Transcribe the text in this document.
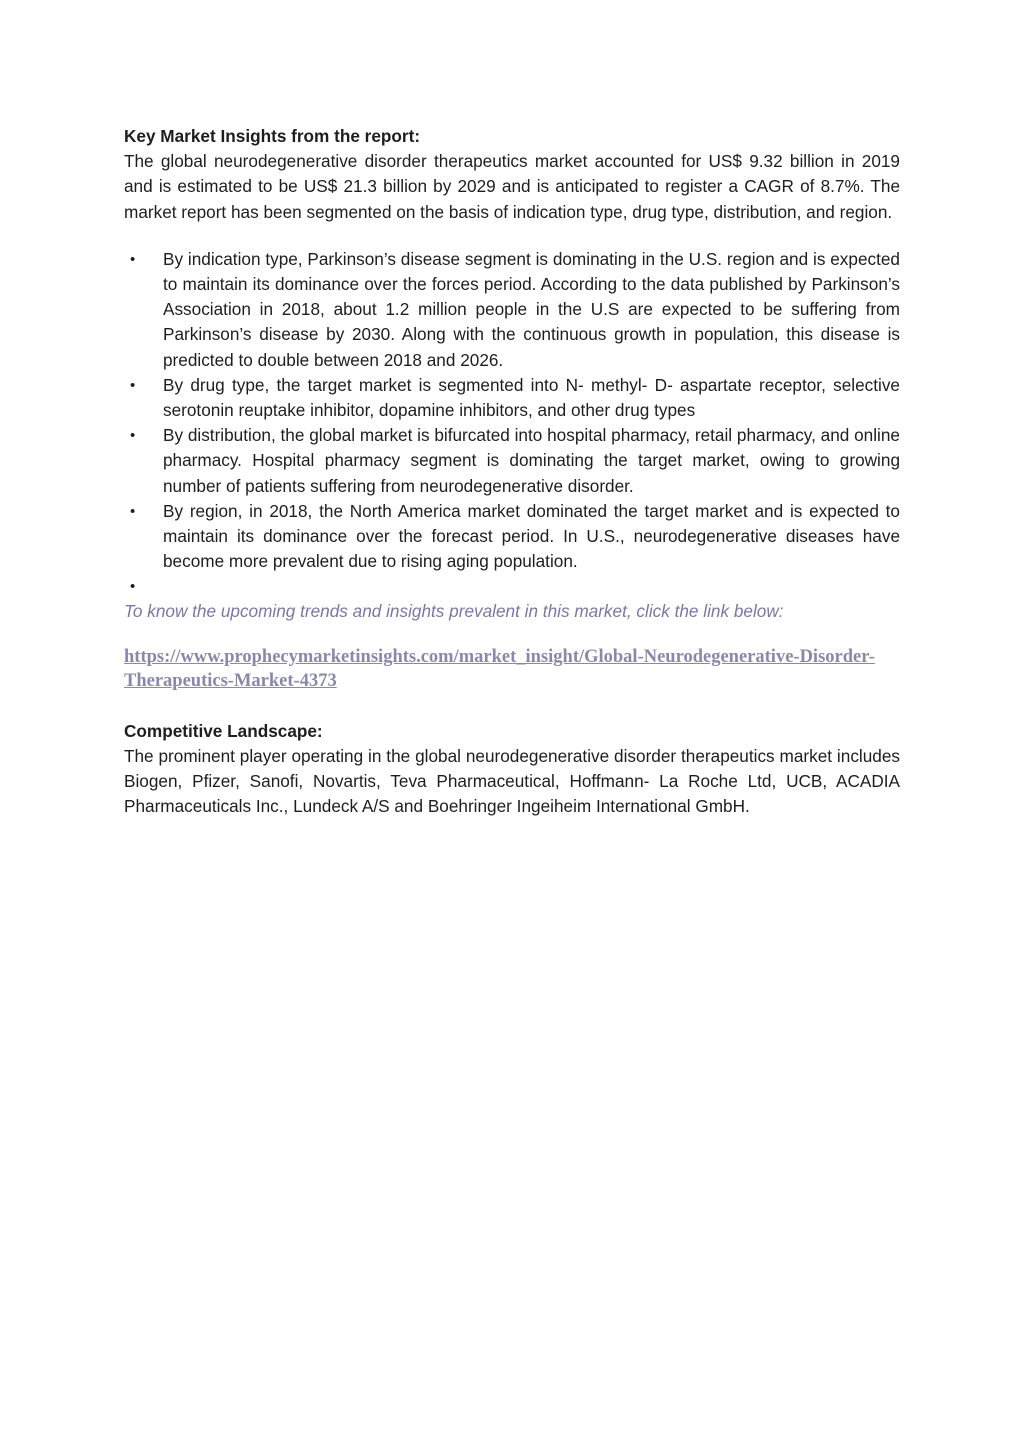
Key Market Insights from the report:

The global neurodegenerative disorder therapeutics market accounted for US$ 9.32 billion in 2019 and is estimated to be US$ 21.3 billion by 2029 and is anticipated to register a CAGR of 8.7%. The market report has been segmented on the basis of indication type, drug type, distribution, and region.

• By indication type, Parkinson’s disease segment is dominating in the U.S. region and is expected to maintain its dominance over the forces period. According to the data published by Parkinson’s Association in 2018, about 1.2 million people in the U.S are expected to be suffering from Parkinson’s disease by 2030. Along with the continuous growth in population, this disease is predicted to double between 2018 and 2026.
• By drug type, the target market is segmented into N- methyl- D- aspartate receptor, selective serotonin reuptake inhibitor, dopamine inhibitors, and other drug types
• By distribution, the global market is bifurcated into hospital pharmacy, retail pharmacy, and online pharmacy. Hospital pharmacy segment is dominating the target market, owing to growing number of patients suffering from neurodegenerative disorder.
• By region, in 2018, the North America market dominated the target market and is expected to maintain its dominance over the forecast period. In U.S., neurodegenerative diseases have become more prevalent due to rising aging population.
•

To know the upcoming trends and insights prevalent in this market, click the link below:

https://www.prophecymarketinsights.com/market_insight/Global-Neurodegenerative-Disorder-Therapeutics-Market-4373

Competitive Landscape:

The prominent player operating in the global neurodegenerative disorder therapeutics market includes Biogen, Pfizer, Sanofi, Novartis, Teva Pharmaceutical, Hoffmann- La Roche Ltd, UCB, ACADIA Pharmaceuticals Inc., Lundeck A/S and Boehringer Ingeiheim International GmbH.
